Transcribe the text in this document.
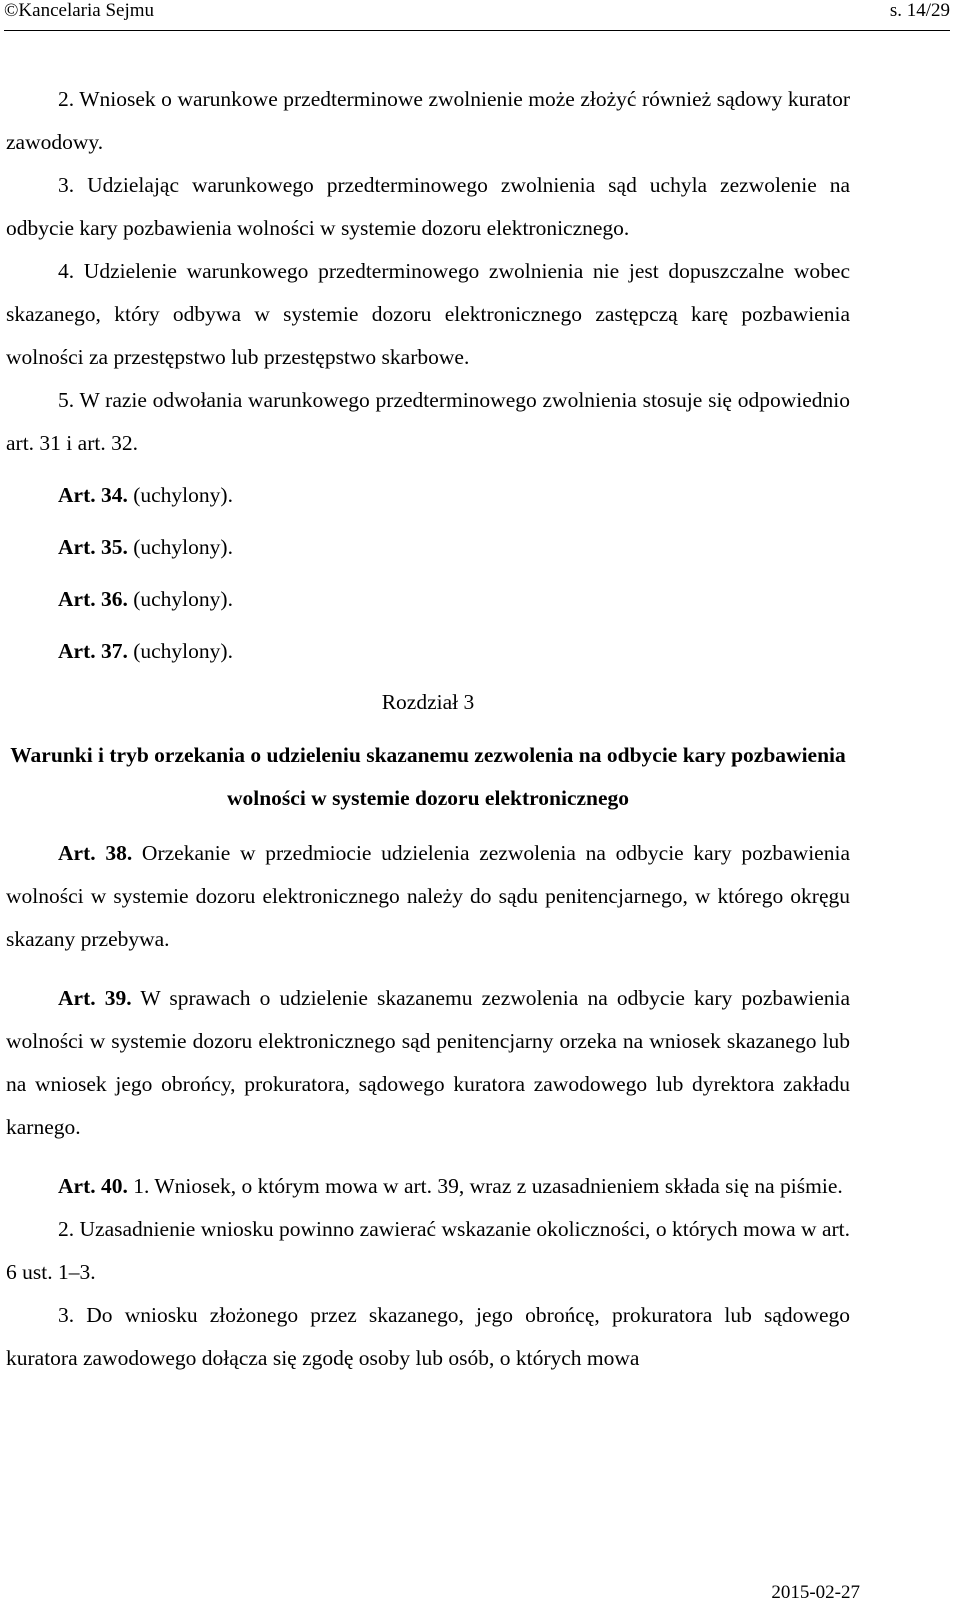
©Kancelaria Sejmu	s. 14/29

2. Wniosek o warunkowe przedterminowe zwolnienie może złożyć również sądowy kurator zawodowy.

3. Udzielając warunkowego przedterminowego zwolnienia sąd uchyla zezwolenie na odbycie kary pozbawienia wolności w systemie dozoru elektronicznego.

4. Udzielenie warunkowego przedterminowego zwolnienia nie jest dopuszczalne wobec skazanego, który odbywa w systemie dozoru elektronicznego zastępczą karę pozbawienia wolności za przestępstwo lub przestępstwo skarbowe.

5. W razie odwołania warunkowego przedterminowego zwolnienia stosuje się odpowiednio art. 31 i art. 32.

Art. 34. (uchylony).

Art. 35. (uchylony).

Art. 36. (uchylony).

Art. 37. (uchylony).

Rozdział 3

Warunki i tryb orzekania o udzieleniu skazanemu zezwolenia na odbycie kary pozbawienia wolności w systemie dozoru elektronicznego

Art. 38. Orzekanie w przedmiocie udzielenia zezwolenia na odbycie kary pozbawienia wolności w systemie dozoru elektronicznego należy do sądu penitencjarnego, w którego okręgu skazany przebywa.

Art. 39. W sprawach o udzielenie skazanemu zezwolenia na odbycie kary pozbawienia wolności w systemie dozoru elektronicznego sąd penitencjarny orzeka na wniosek skazanego lub na wniosek jego obrońcy, prokuratora, sądowego kuratora zawodowego lub dyrektora zakładu karnego.

Art. 40. 1. Wniosek, o którym mowa w art. 39, wraz z uzasadnieniem składa się na piśmie.

2. Uzasadnienie wniosku powinno zawierać wskazanie okoliczności, o których mowa w art. 6 ust. 1–3.

3. Do wniosku złożonego przez skazanego, jego obrońcę, prokuratora lub sądowego kuratora zawodowego dołącza się zgodę osoby lub osób, o których mowa

2015-02-27
